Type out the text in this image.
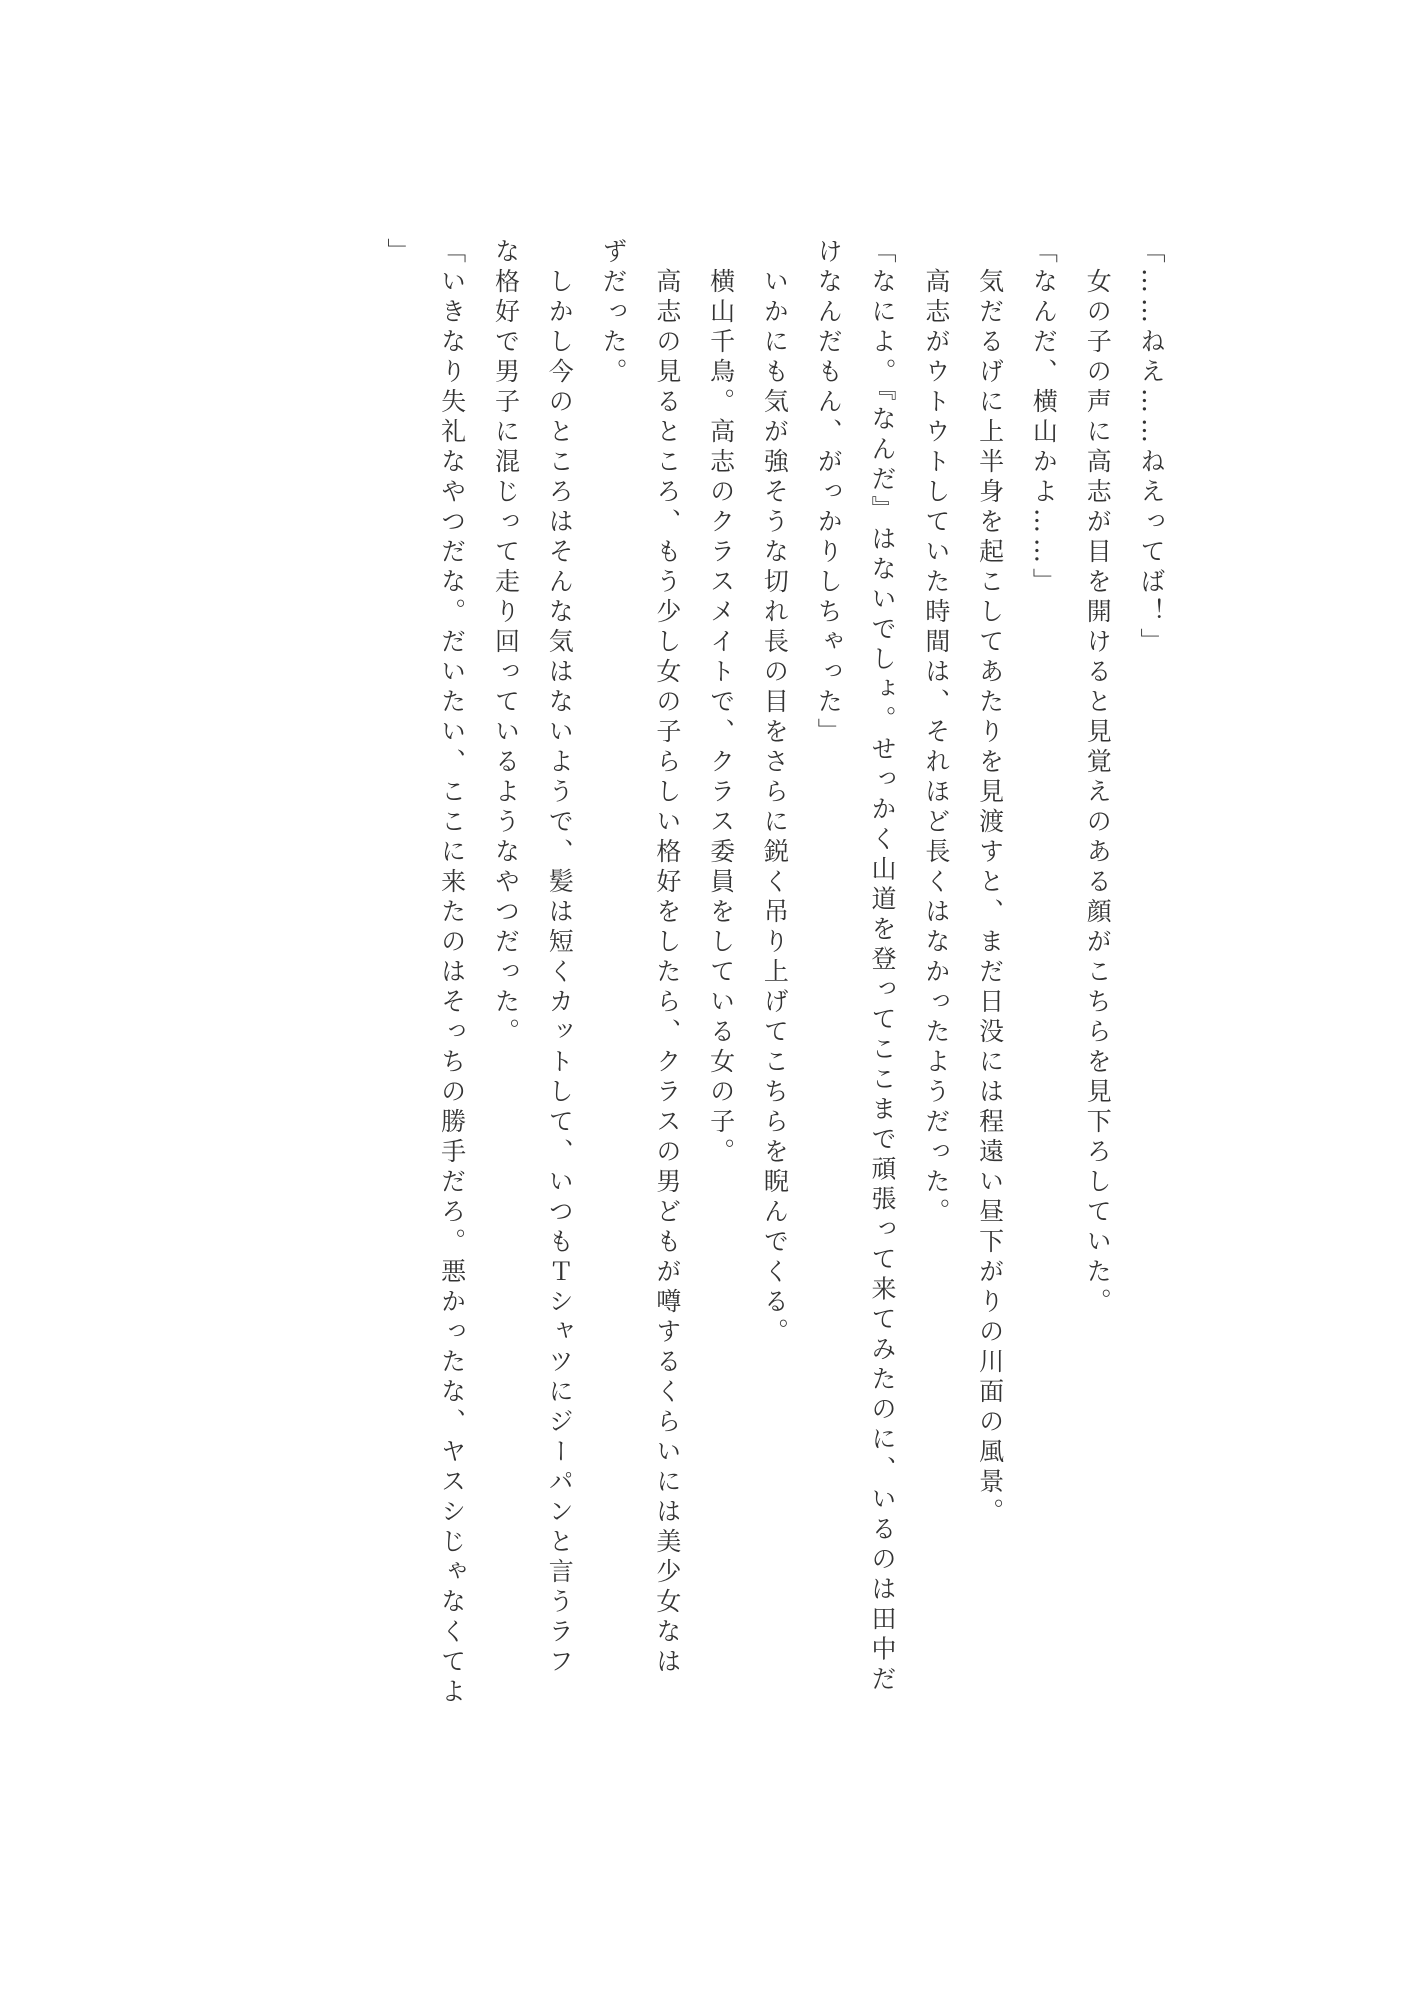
「……ねえ……ねえってば！」

　女の子の声に高志が目を開けると見覚えのある顔がこちらを見下ろしていた。

「なんだ、横山かよ……」

　気だるげに上半身を起こしてあたりを見渡すと、まだ日没には程遠い昼下がりの川面の風景。

　高志がウトウトしていた時間は、それほど長くはなかったようだった。

「なによ。『なんだ』はないでしょ。せっかく山道を登ってここまで頑張って来てみたのに、いるのは田中だ

けなんだもん、がっかりしちゃった」

　いかにも気が強そうな切れ長の目をさらに鋭く吊り上げてこちらを睨んでくる。

　横山千鳥。高志のクラスメイトで、クラス委員をしている女の子。

　高志の見るところ、もう少し女の子らしい格好をしたら、クラスの男どもが噂するくらいには美少女なは

ずだった。

　しかし今のところはそんな気はないようで、髪は短くカットして、いつもＴシャツにジーパンと言うラフ

な格好で男子に混じって走り回っているようなやつだった。

「いきなり失礼なやつだな。だいたい、ここに来たのはそっちの勝手だろ。悪かったな、ヤスシじゃなくてよ

」
